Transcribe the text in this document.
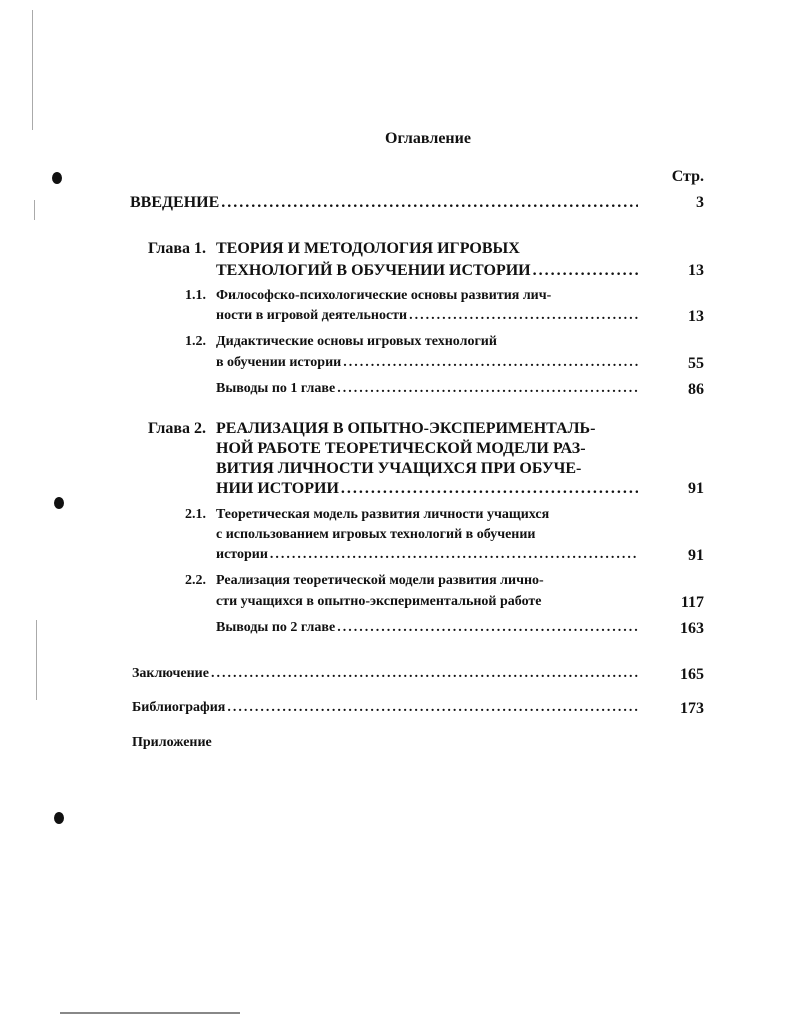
Оглавление
Стр.
ВВЕДЕНИЕ .....	3
Глава 1. ТЕОРИЯ И МЕТОДОЛОГИЯ ИГРОВЫХ
ТЕХНОЛОГИЙ В ОБУЧЕНИИ ИСТОРИИ .....	13
1.1. Философско-психологические основы развития лич-
ности в игровой деятельности .....	13
1.2. Дидактические основы игровых технологий
в обучении истории .....	55
Выводы по 1 главе .....	86
Глава 2. РЕАЛИЗАЦИЯ В ОПЫТНО-ЭКСПЕРИМЕНТАЛЬ-
НОЙ РАБОТЕ ТЕОРЕТИЧЕСКОЙ МОДЕЛИ РАЗ-
ВИТИЯ ЛИЧНОСТИ УЧАЩИХСЯ ПРИ ОБУЧЕ-
НИИ ИСТОРИИ .....	91
2.1. Теоретическая модель развития личности учащихся
с использованием игровых технологий в обучении
истории .....	91
2.2. Реализация теоретической модели развития лично-
сти учащихся в опытно-экспериментальной работе	117
Выводы по 2 главе .....	163
Заключение .....	165
Библиография .....	173
Приложение
